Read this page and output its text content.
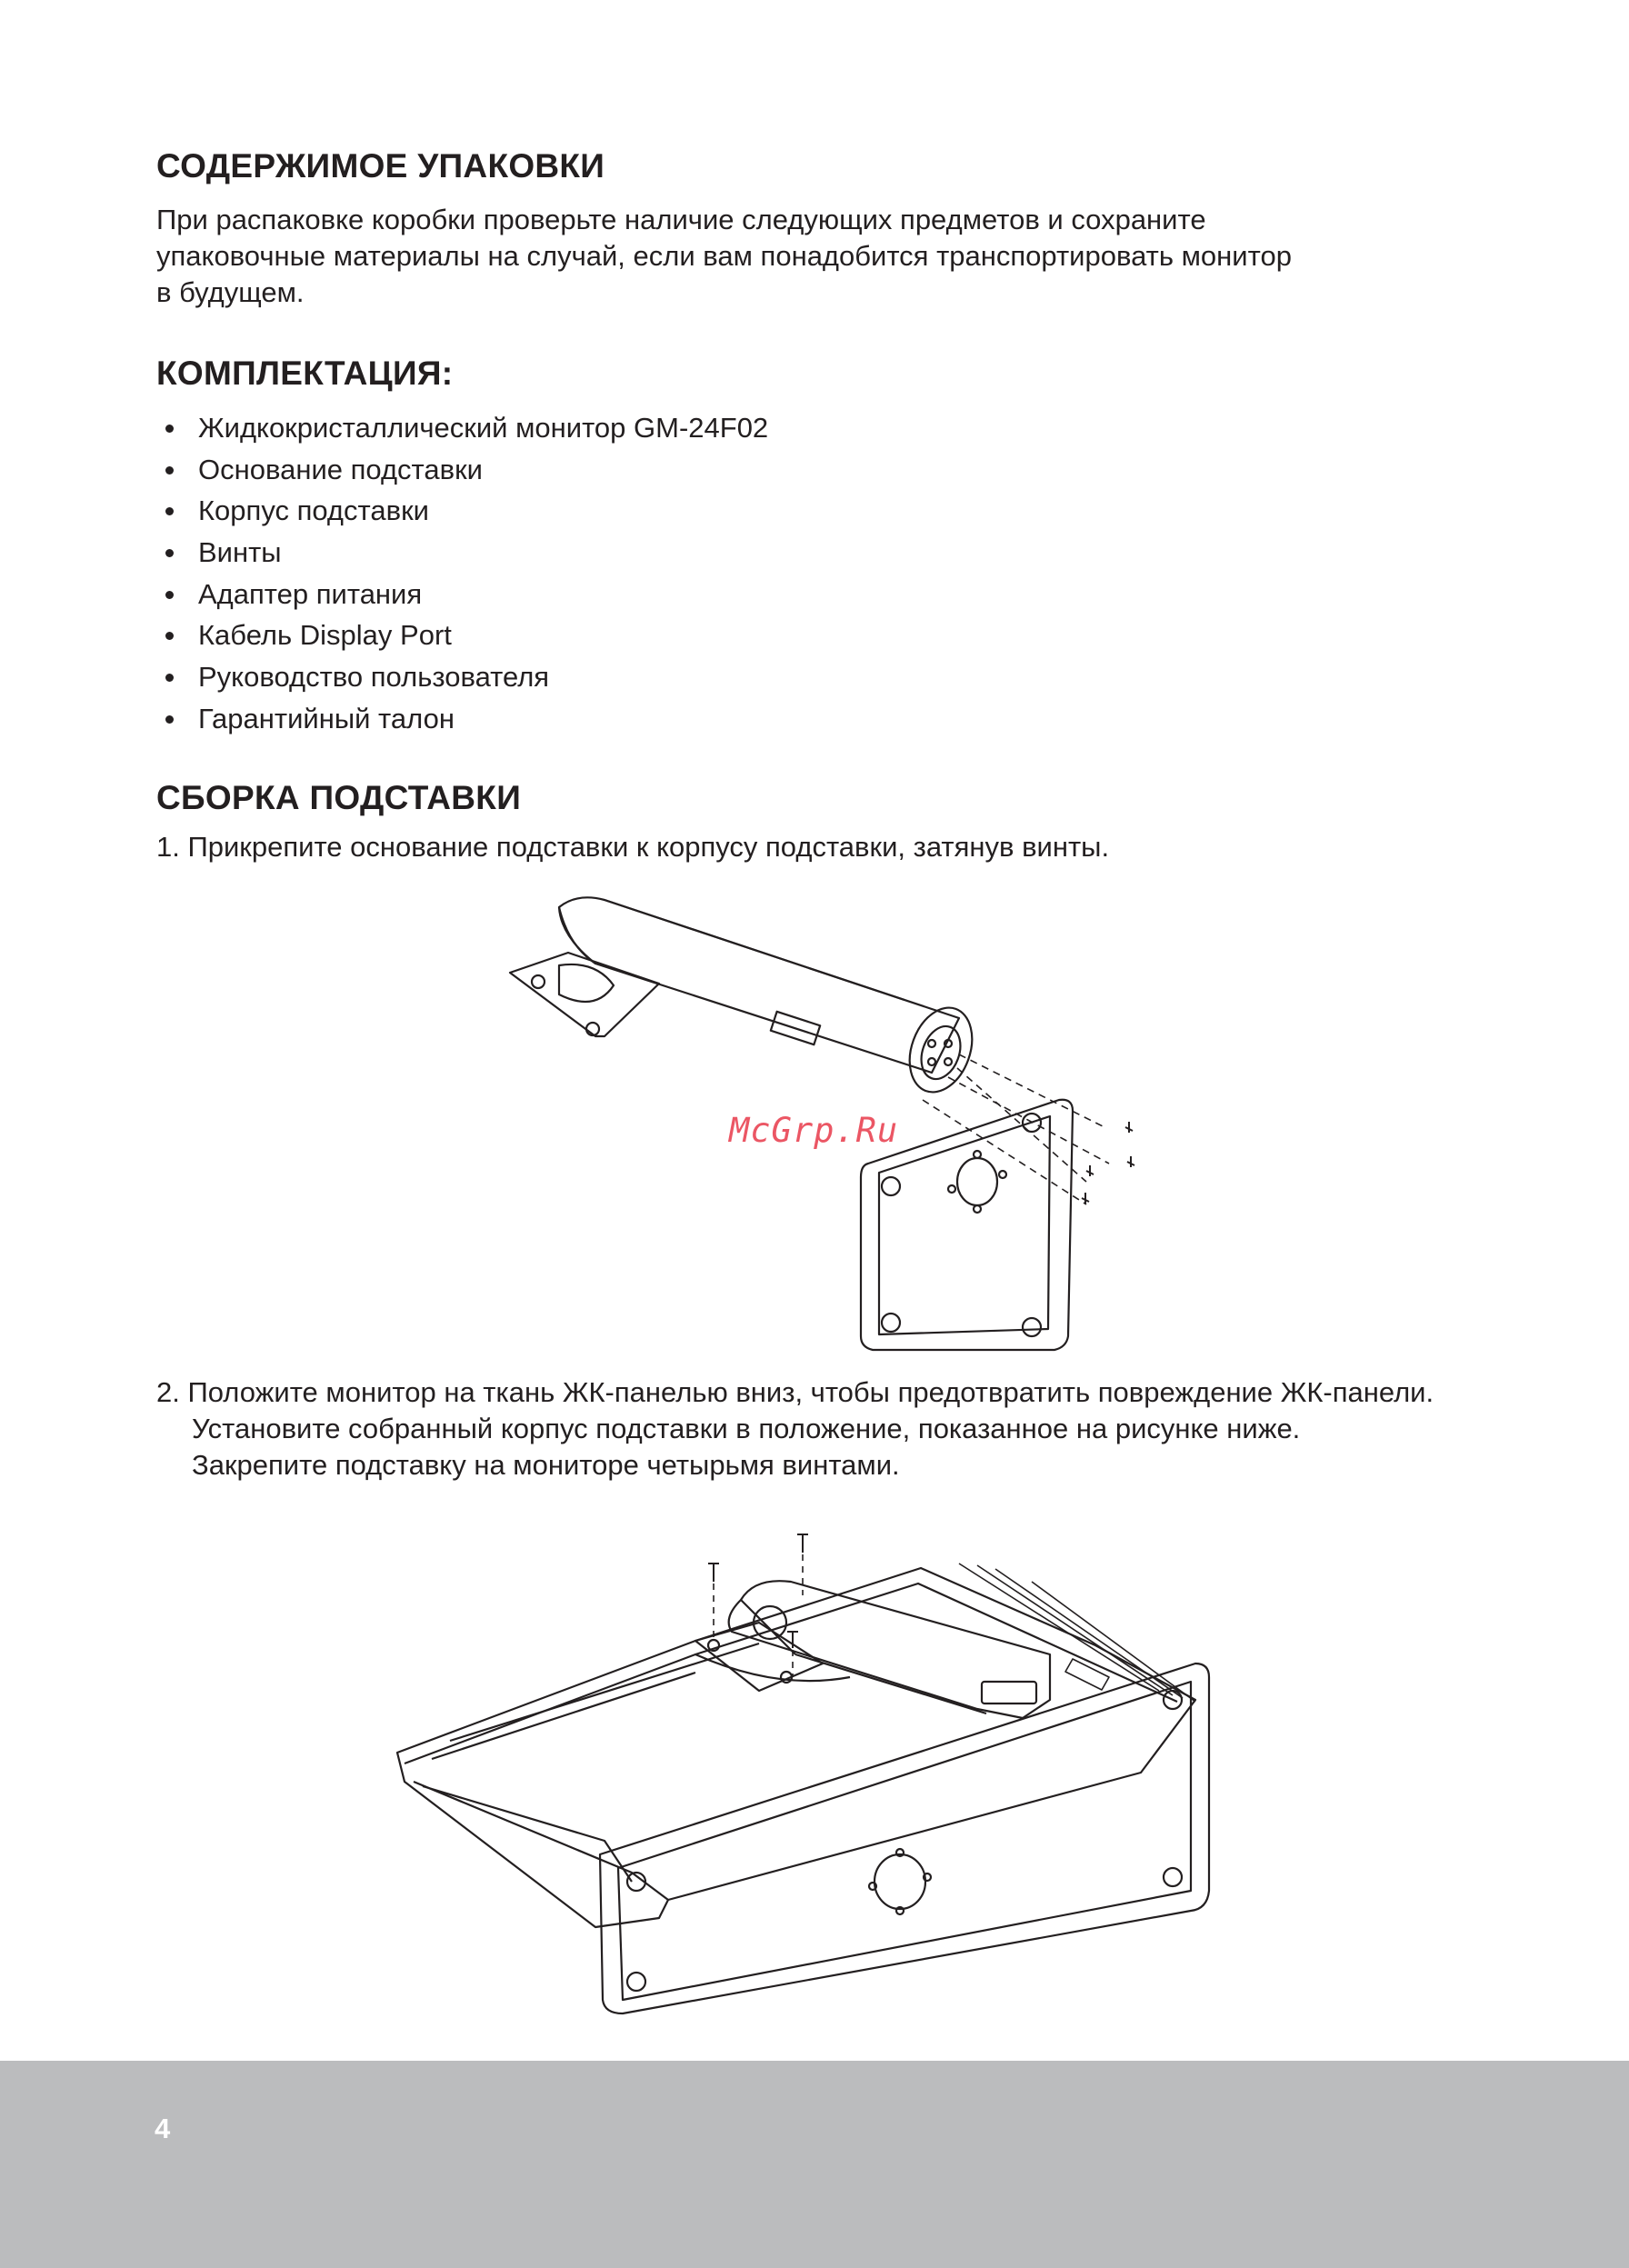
СОДЕРЖИМОЕ УПАКОВКИ

При распаковке коробки проверьте наличие следующих предметов и сохраните

упаковочные материалы на случай, если вам понадобится транспортировать монитор

в будущем.

КОМПЛЕКТАЦИЯ:
Жидкокристаллический монитор GM-24F02
Основание подставки
Корпус подставки
Винты
Адаптер питания
Кабель Display Port
Руководство пользователя
Гарантийный талон
СБОРКА ПОДСТАВКИ
1. Прикрепите основание подставки к корпусу подставки, затянув винты.
2. Положите монитор на ткань ЖК-панелью вниз, чтобы предотвратить повреждение ЖК-панели.
Установите собранный корпус подставки в положение, показанное на рисунке ниже.
Закрепите подставку на мониторе четырьмя винтами.
McGrp.Ru
4
